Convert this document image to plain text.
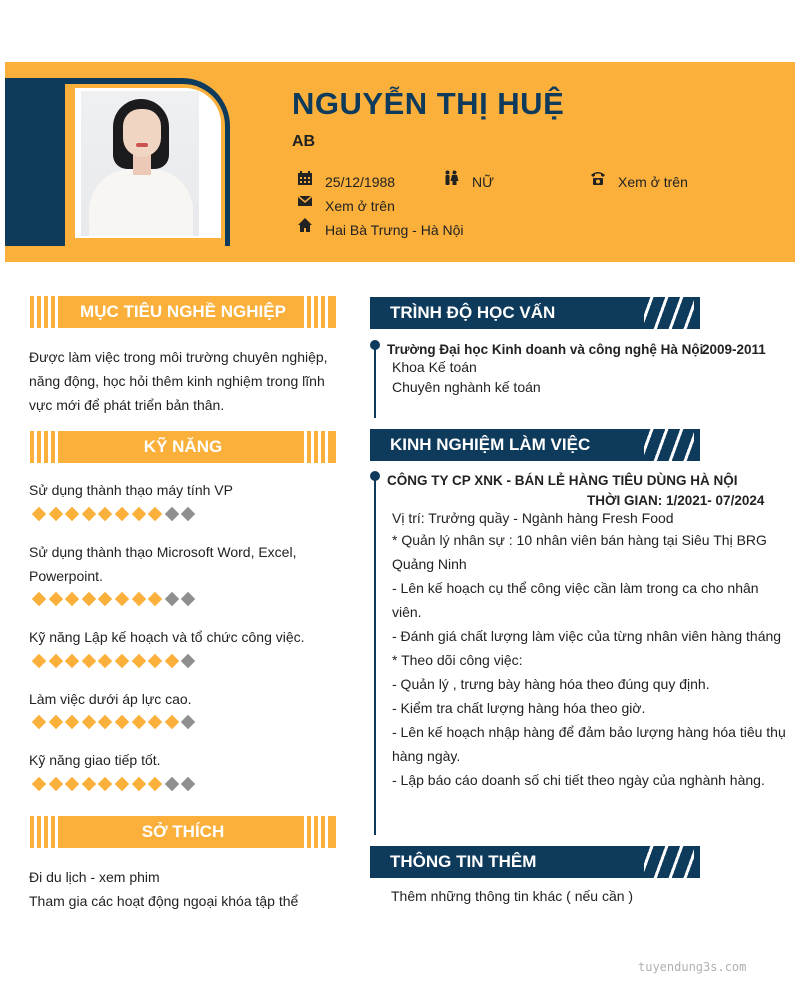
NGUYỄN THỊ HUỆ
AB
25/12/1988	NỮ	Xem ở trên
Xem ở trên
Hai Bà Trưng - Hà Nội
MỤC TIÊU NGHỀ NGHIỆP
Được làm việc trong môi trường chuyên nghiệp,
năng động, học hỏi thêm kinh nghiệm trong lĩnh
vực mới để phát triển bản thân.
KỸ NĂNG
Sử dụng thành thạo máy tính VP
Sử dụng thành thạo Microsoft Word, Excel,
Powerpoint.
Kỹ năng Lập kế hoạch và tổ chức công việc.
Làm việc dưới áp lực cao.
Kỹ năng giao tiếp tốt.
SỞ THÍCH
Đi du lịch - xem phim
Tham gia các hoạt động ngoại khóa tập thể
TRÌNH ĐỘ HỌC VẤN
Trường Đại học Kinh doanh và công nghệ Hà Nội
2009-2011
Khoa Kế toán
Chuyên nghành kế toán
KINH NGHIỆM LÀM VIỆC
CÔNG TY CP XNK - BÁN LẺ HÀNG TIÊU DÙNG HÀ NỘI
THỜI GIAN: 1/2021- 07/2024
Vị trí: Trưởng quầy - Ngành hàng Fresh Food
* Quản lý nhân sự : 10 nhân viên bán hàng tại Siêu Thị BRG
Quảng Ninh
- Lên kế hoạch cụ thể công việc cần làm trong ca cho nhân
viên.
- Đánh giá chất lượng làm việc của từng nhân viên hàng tháng
* Theo dõi công việc:
- Quản lý , trưng bày hàng hóa theo đúng quy định.
- Kiểm tra chất lượng hàng hóa theo giờ.
- Lên kế hoạch nhập hàng để đảm bảo lượng hàng hóa tiêu thụ
hàng ngày.
- Lập báo cáo doanh số chi tiết theo ngày của nghành hàng.
THÔNG TIN THÊM
Thêm những thông tin khác ( nếu cần )
tuyendung3s.com
